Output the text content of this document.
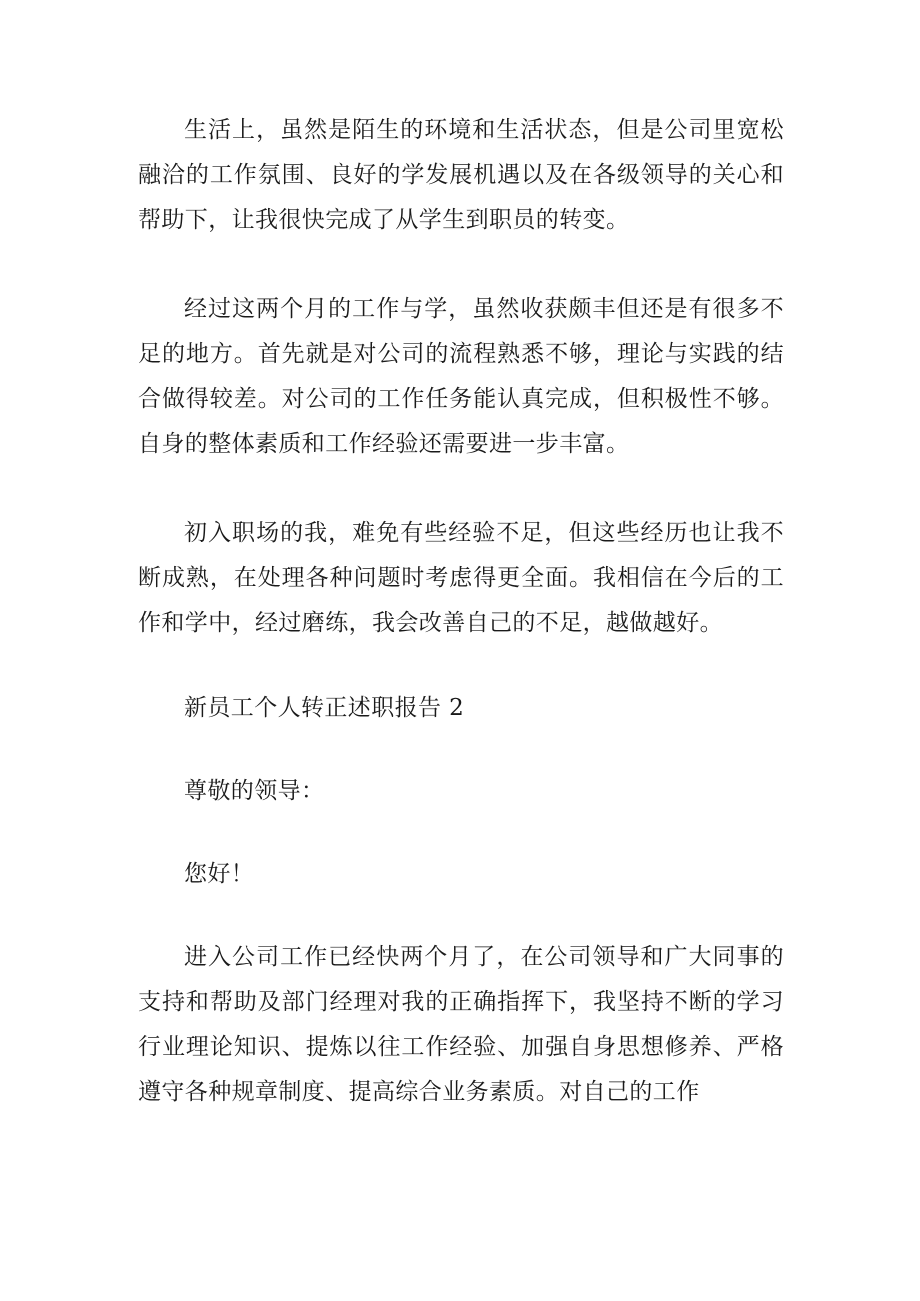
生活上，虽然是陌生的环境和生活状态，但是公司里宽松融洽的工作氛围、良好的学发展机遇以及在各级领导的关心和帮助下，让我很快完成了从学生到职员的转变。

经过这两个月的工作与学，虽然收获颇丰但还是有很多不足的地方。首先就是对公司的流程熟悉不够，理论与实践的结合做得较差。对公司的工作任务能认真完成，但积极性不够。自身的整体素质和工作经验还需要进一步丰富。

初入职场的我，难免有些经验不足，但这些经历也让我不断成熟，在处理各种问题时考虑得更全面。我相信在今后的工作和学中，经过磨练，我会改善自己的不足，越做越好。

新员工个人转正述职报告 2

尊敬的领导：

您好！

进入公司工作已经快两个月了，在公司领导和广大同事的支持和帮助及部门经理对我的正确指挥下，我坚持不断的学习行业理论知识、提炼以往工作经验、加强自身思想修养、严格遵守各种规章制度、提高综合业务素质。对自己的工作
